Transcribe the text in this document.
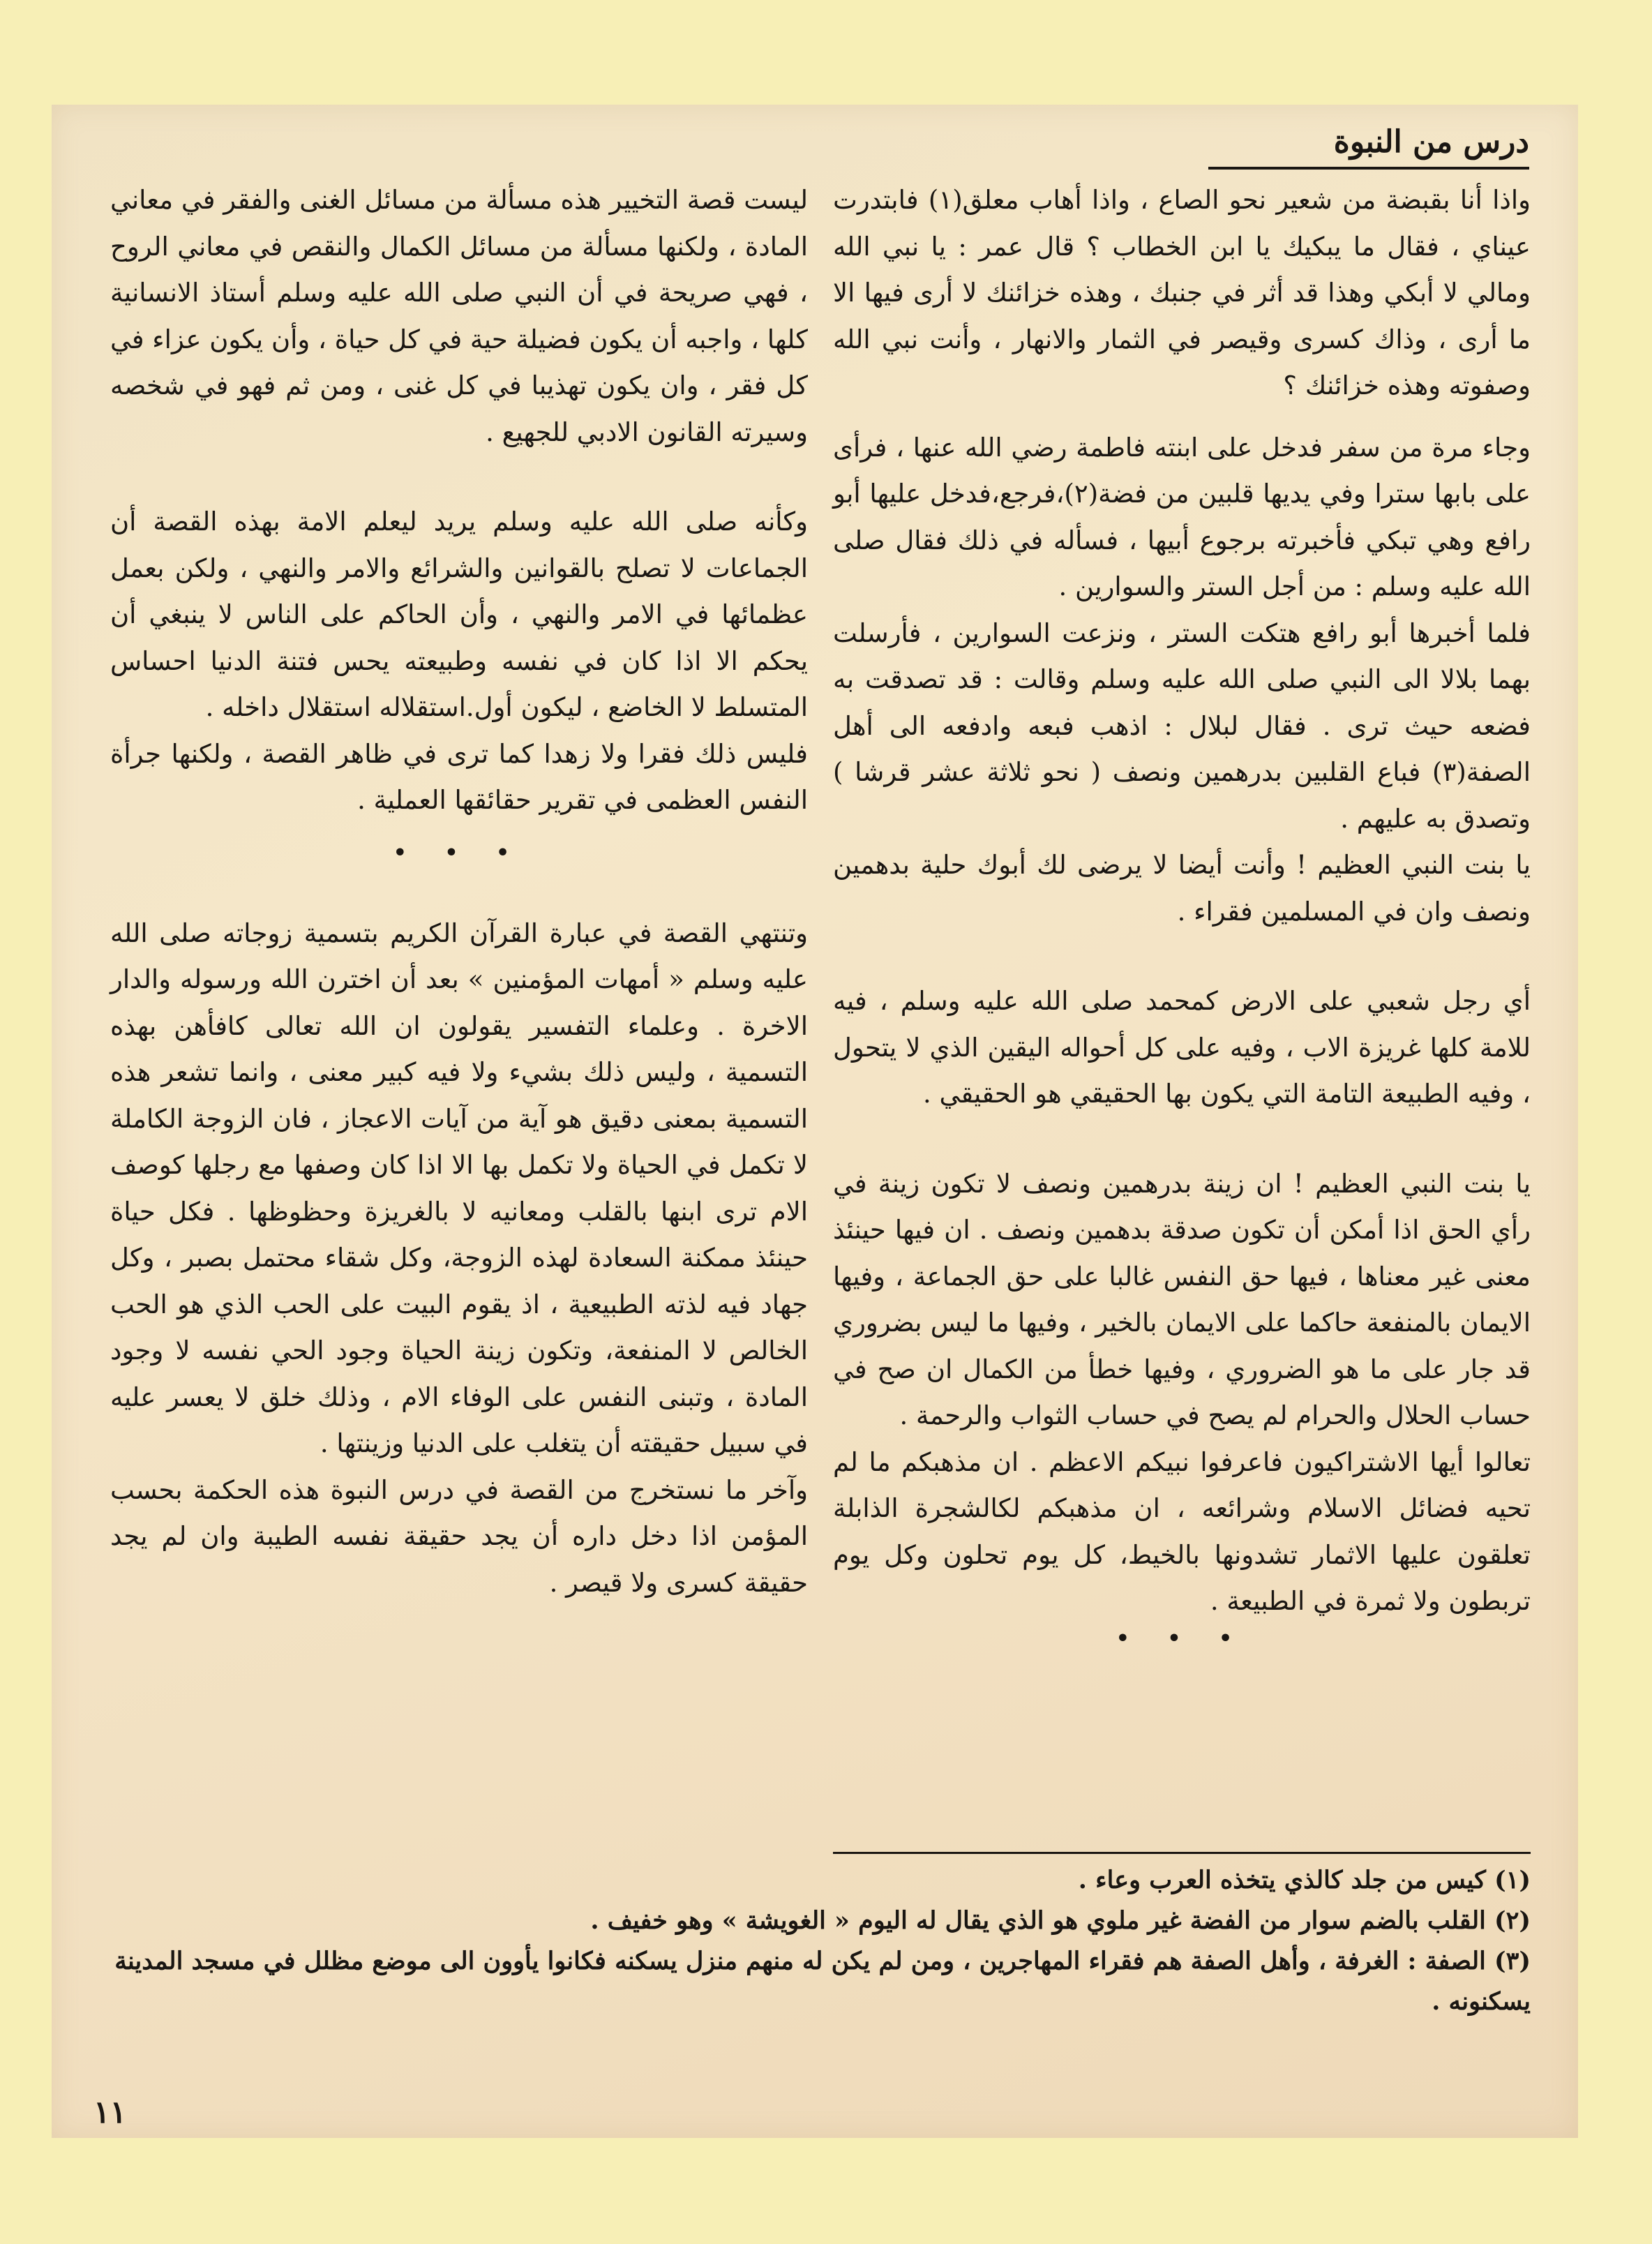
درس من النبوة

واذا أنا بقبضة من شعير نحو الصاع ، واذا أهاب معلق(١) فابتدرت عيناي ، فقال ما يبكيك يا ابن الخطاب ؟ قال عمر : يا نبي الله ومالي لا أبكي وهذا قد أثر في جنبك ، وهذه خزائنك لا أرى فيها الا ما أرى ، وذاك كسرى وقيصر في الثمار والانهار ، وأنت نبي الله وصفوته وهذه خزائنك ؟

وجاء مرة من سفر فدخل على ابنته فاطمة رضي الله عنها ، فرأى على بابها سترا وفي يديها قلبين من فضة(٢)،فرجع،فدخل عليها أبو رافع وهي تبكي فأخبرته برجوع أبيها ، فسأله في ذلك فقال صلى الله عليه وسلم : من أجل الستر والسوارين .

فلما أخبرها أبو رافع هتكت الستر ، ونزعت السوارين ، فأرسلت بهما بلالا الى النبي صلى الله عليه وسلم وقالت : قد تصدقت به فضعه حيث ترى . فقال لبلال : اذهب فبعه وادفعه الى أهل الصفة(٣) فباع القلبين بدرهمين ونصف ( نحو ثلاثة عشر قرشا ) وتصدق به عليهم .

يا بنت النبي العظيم ! وأنت أيضا لا يرضى لك أبوك حلية بدهمين ونصف وان في المسلمين فقراء .

أي رجل شعبي على الارض كمحمد صلى الله عليه وسلم ، فيه للامة كلها غريزة الاب ، وفيه على كل أحواله اليقين الذي لا يتحول ، وفيه الطبيعة التامة التي يكون بها الحقيقي هو الحقيقي .

يا بنت النبي العظيم ! ان زينة بدرهمين ونصف لا تكون زينة في رأي الحق اذا أمكن أن تكون صدقة بدهمين ونصف . ان فيها حينئذ معنى غير معناها ، فيها حق النفس غالبا على حق الجماعة ، وفيها الايمان بالمنفعة حاكما على الايمان بالخير ، وفيها ما ليس بضروري قد جار على ما هو الضروري ، وفيها خطأ من الكمال ان صح في حساب الحلال والحرام لم يصح في حساب الثواب والرحمة .

تعالوا أيها الاشتراكيون فاعرفوا نبيكم الاعظم . ان مذهبكم ما لم تحيه فضائل الاسلام وشرائعه ، ان مذهبكم لكالشجرة الذابلة تعلقون عليها الاثمار تشدونها بالخيط، كل يوم تحلون وكل يوم تربطون ولا ثمرة في الطبيعة .

• • •

ليست قصة التخيير هذه مسألة من مسائل الغنى والفقر في معاني المادة ، ولكنها مسألة من مسائل الكمال والنقص في معاني الروح ، فهي صريحة في أن النبي صلى الله عليه وسلم أستاذ الانسانية كلها ، واجبه أن يكون فضيلة حية في كل حياة ، وأن يكون عزاء في كل فقر ، وان يكون تهذيبا في كل غنى ، ومن ثم فهو في شخصه وسيرته القانون الادبي للجهيع .

وكأنه صلى الله عليه وسلم يريد ليعلم الامة بهذه القصة أن الجماعات لا تصلح بالقوانين والشرائع والامر والنهي ، ولكن بعمل عظمائها في الامر والنهي ، وأن الحاكم على الناس لا ينبغي أن يحكم الا اذا كان في نفسه وطبيعته يحس فتنة الدنيا احساس المتسلط لا الخاضع ، ليكون أول.استقلاله استقلال داخله .

فليس ذلك فقرا ولا زهدا كما ترى في ظاهر القصة ، ولكنها جرأة النفس العظمى في تقرير حقائقها العملية .

• • •

وتنتهي القصة في عبارة القرآن الكريم بتسمية زوجاته صلى الله عليه وسلم « أمهات المؤمنين » بعد أن اخترن الله ورسوله والدار الاخرة . وعلماء التفسير يقولون ان الله تعالى كافأهن بهذه التسمية ، وليس ذلك بشيء ولا فيه كبير معنى ، وانما تشعر هذه التسمية بمعنى دقيق هو آية من آيات الاعجاز ، فان الزوجة الكاملة لا تكمل في الحياة ولا تكمل بها الا اذا كان وصفها مع رجلها كوصف الام ترى ابنها بالقلب ومعانيه لا بالغريزة وحظوظها . فكل حياة حينئذ ممكنة السعادة لهذه الزوجة، وكل شقاء محتمل بصبر ، وكل جهاد فيه لذته الطبيعية ، اذ يقوم البيت على الحب الذي هو الحب الخالص لا المنفعة، وتكون زينة الحياة وجود الحي نفسه لا وجود المادة ، وتبنى النفس على الوفاء الام ، وذلك خلق لا يعسر عليه في سبيل حقيقته أن يتغلب على الدنيا وزينتها .

وآخر ما نستخرج من القصة في درس النبوة هذه الحكمة بحسب المؤمن اذا دخل داره أن يجد حقيقة نفسه الطيبة وان لم يجد حقيقة كسرى ولا قيصر .

(١) كيس من جلد كالذي يتخذه العرب وعاء .

(٢) القلب بالضم سوار من الفضة غير ملوي هو الذي يقال له اليوم « الغويشة » وهو خفيف .

(٣) الصفة : الغرفة ، وأهل الصفة هم فقراء المهاجرين ، ومن لم يكن له منهم منزل يسكنه فكانوا يأوون الى موضع مظلل في مسجد المدينة يسكنونه .

١١
